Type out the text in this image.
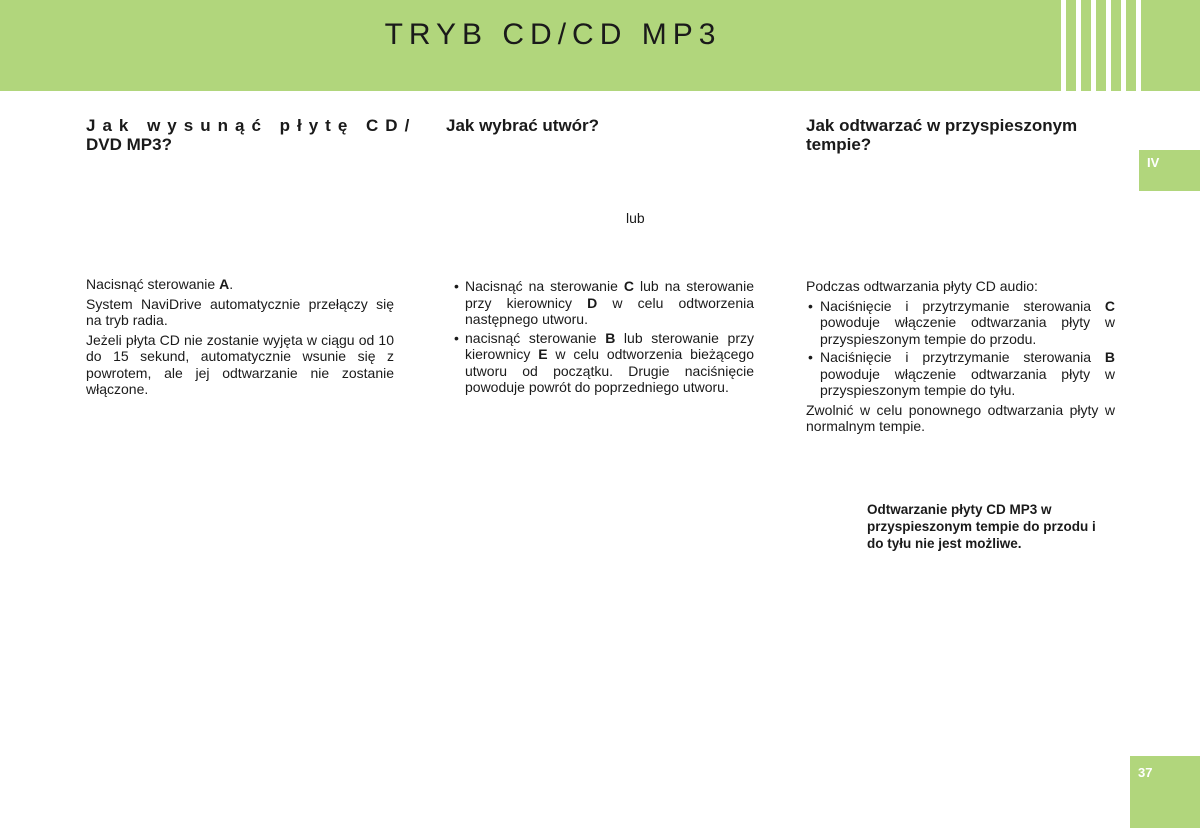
TRYB CD/CD MP3
IV
37
Jak wysunąć płytę CD/
DVD MP3?

Nacisnąć sterowanie A.

System NaviDrive automatycznie przełączy się na tryb radia.

Jeżeli płyta CD nie zostanie wyjęta w ciągu od 10 do 15 sekund, automatycznie wsunie się z powrotem, ale jej odtwarzanie nie zostanie włączone.

Jak wybrać utwór?
lub
• Nacisnąć na sterowanie C lub na sterowanie przy kierownicy D w celu odtworzenia następnego utworu.
• nacisnąć sterowanie B lub sterowanie przy kierownicy E w celu odtworzenia bieżącego utworu od początku. Drugie naciśnięcie powoduje powrót do poprzedniego utworu.
Jak odtwarzać w przyspieszonym tempie?

Podczas odtwarzania płyty CD audio:

• Naciśnięcie i przytrzymanie sterowania C powoduje włączenie odtwarzania płyty w przyspieszonym tempie do przodu.
• Naciśnięcie i przytrzymanie sterowania B powoduje włączenie odtwarzania płyty w przyspieszonym tempie do tyłu.

Zwolnić w celu ponownego odtwarzania płyty w normalnym tempie.

Odtwarzanie płyty CD MP3 w przyspieszonym tempie do przodu i do tyłu nie jest możliwe.
